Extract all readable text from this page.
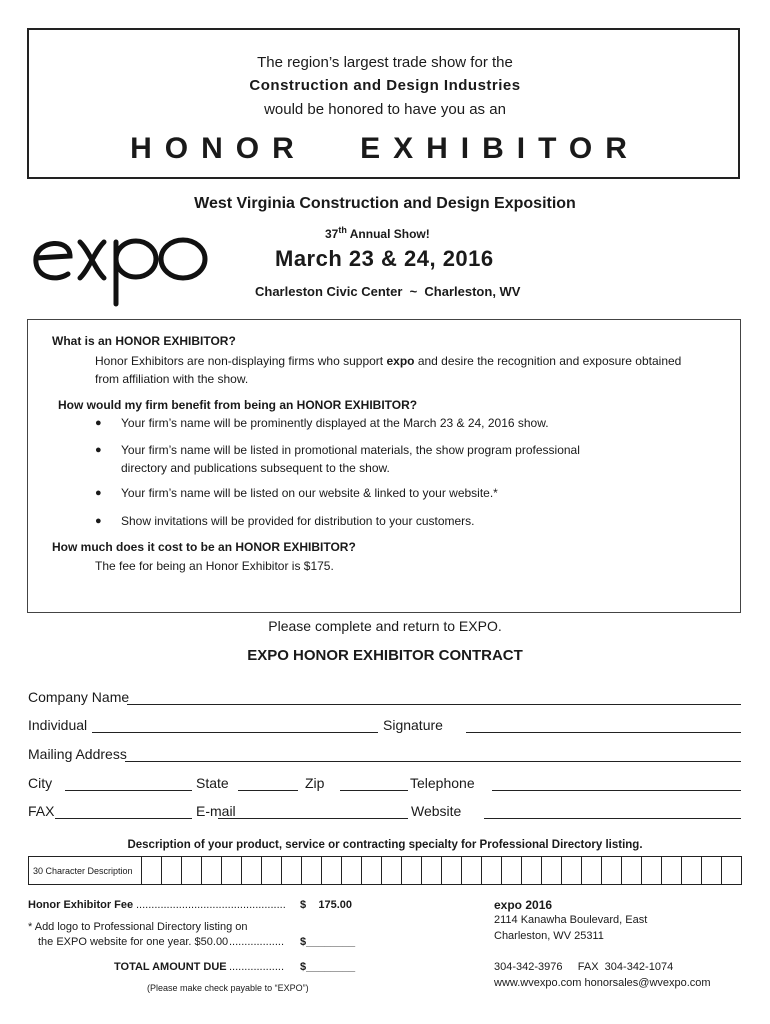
The region’s largest trade show for the
Construction and Design Industries
would be honored to have you as an
HONOR EXHIBITOR
West Virginia Construction and Design Exposition
37th Annual Show!
March 23 & 24, 2016
Charleston Civic Center  ~  Charleston, WV
What is an HONOR EXHIBITOR?
Honor Exhibitors are non-displaying firms who support expo and desire the recognition and exposure obtained
from affiliation with the show.
How would my firm benefit from being an HONOR EXHIBITOR?
● Your firm’s name will be prominently displayed at the March 23 & 24, 2016 show.
● Your firm’s name will be listed in promotional materials, the show program professional
directory and publications subsequent to the show.
● Your firm’s name will be listed on our website & linked to your website.*
● Show invitations will be provided for distribution to your customers.
How much does it cost to be an HONOR EXHIBITOR?
The fee for being an Honor Exhibitor is $175.
Please complete and return to EXPO.
EXPO HONOR EXHIBITOR CONTRACT
Company Name
Individual	Signature
Mailing Address
City	State	Zip	Telephone
FAX	E-mail	Website
Description of your product, service or contracting specialty for Professional Directory listing.
30 Character Description
Honor Exhibitor Fee ................................................. $    175.00
* Add logo to Professional Directory listing on
the EXPO website for one year. $50.00 .................. $________
TOTAL AMOUNT DUE .................. $________
(Please make check payable to “EXPO”)
expo 2016
2114 Kanawha Boulevard, East
Charleston, WV 25311
304-342-3976     FAX  304-342-1074
www.wvexpo.com honorsales@wvexpo.com
